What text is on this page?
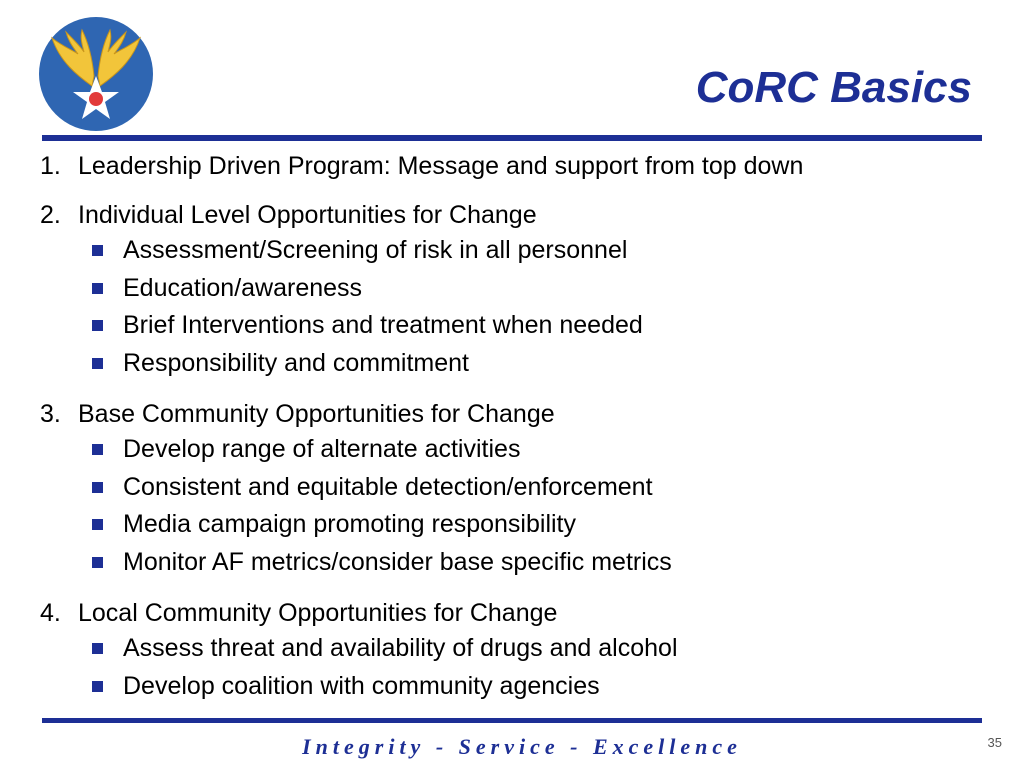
CoRC Basics
1. Leadership Driven Program: Message and support from top down
2. Individual Level Opportunities for Change
Assessment/Screening of risk in all personnel
Education/awareness
Brief Interventions and treatment when needed
Responsibility and commitment
3. Base Community Opportunities for Change
Develop range of alternate activities
Consistent and equitable detection/enforcement
Media campaign promoting responsibility
Monitor AF metrics/consider base specific metrics
4. Local Community Opportunities for Change
Assess threat and availability of drugs and alcohol
Develop coalition with community agencies
Integrity - Service - Excellence	35
